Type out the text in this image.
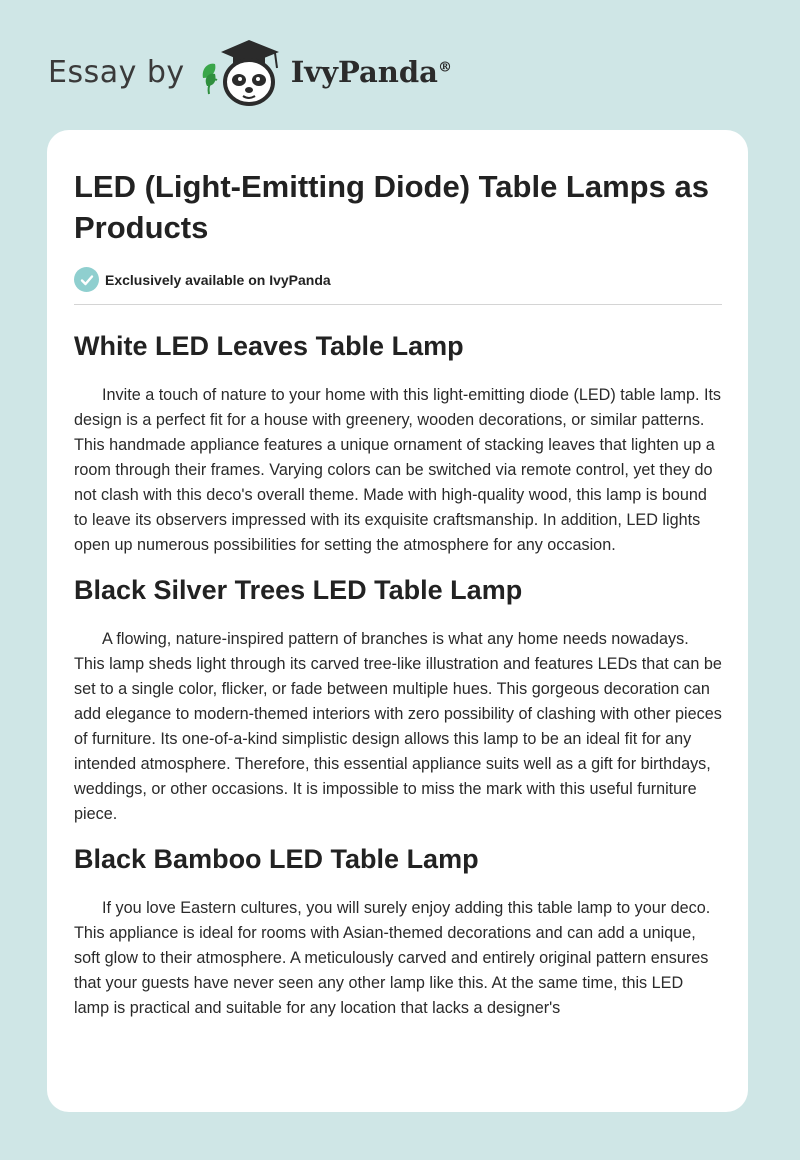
Essay by	IvyPanda®
LED (Light-Emitting Diode) Table Lamps as Products
Exclusively available on IvyPanda
White LED Leaves Table Lamp

Invite a touch of nature to your home with this light-emitting diode (LED) table lamp. Its design is a perfect fit for a house with greenery, wooden decorations, or similar patterns. This handmade appliance features a unique ornament of stacking leaves that lighten up a room through their frames. Varying colors can be switched via remote control, yet they do not clash with this deco's overall theme. Made with high-quality wood, this lamp is bound to leave its observers impressed with its exquisite craftsmanship. In addition, LED lights open up numerous possibilities for setting the atmosphere for any occasion.

Black Silver Trees LED Table Lamp

A flowing, nature-inspired pattern of branches is what any home needs nowadays. This lamp sheds light through its carved tree-like illustration and features LEDs that can be set to a single color, flicker, or fade between multiple hues. This gorgeous decoration can add elegance to modern-themed interiors with zero possibility of clashing with other pieces of furniture. Its one-of-a-kind simplistic design allows this lamp to be an ideal fit for any intended atmosphere. Therefore, this essential appliance suits well as a gift for birthdays, weddings, or other occasions. It is impossible to miss the mark with this useful furniture piece.

Black Bamboo LED Table Lamp

If you love Eastern cultures, you will surely enjoy adding this table lamp to your deco. This appliance is ideal for rooms with Asian-themed decorations and can add a unique, soft glow to their atmosphere. A meticulously carved and entirely original pattern ensures that your guests have never seen any other lamp like this. At the same time, this LED lamp is practical and suitable for any location that lacks a designer's
